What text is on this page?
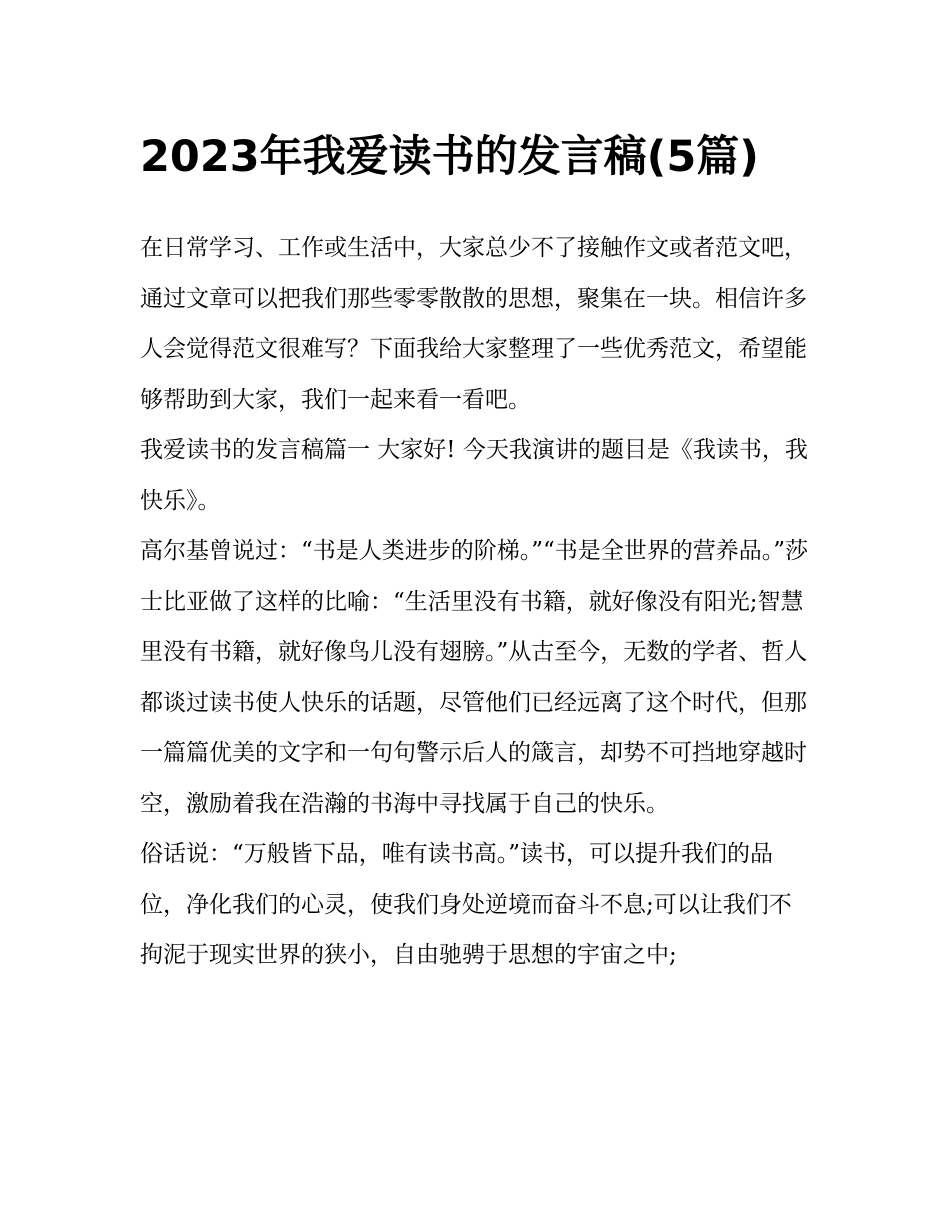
2023年我爱读书的发言稿(5篇)

在日常学习、工作或生活中，大家总少不了接触作文或者范文吧，通过文章可以把我们那些零零散散的思想，聚集在一块。相信许多人会觉得范文很难写？下面我给大家整理了一些优秀范文，希望能够帮助到大家，我们一起来看一看吧。

我爱读书的发言稿篇一 大家好! 今天我演讲的题目是《我读书，我快乐》。

高尔基曾说过：“书是人类进步的阶梯。”“书是全世界的营养品。”莎士比亚做了这样的比喻：“生活里没有书籍，就好像没有阳光;智慧里没有书籍，就好像鸟儿没有翅膀。”从古至今，无数的学者、哲人都谈过读书使人快乐的话题，尽管他们已经远离了这个时代，但那一篇篇优美的文字和一句句警示后人的箴言，却势不可挡地穿越时空，激励着我在浩瀚的书海中寻找属于自己的快乐。

俗话说：“万般皆下品，唯有读书高。”读书，可以提升我们的品位，净化我们的心灵，使我们身处逆境而奋斗不息;可以让我们不拘泥于现实世界的狭小，自由驰骋于思想的宇宙之中;
